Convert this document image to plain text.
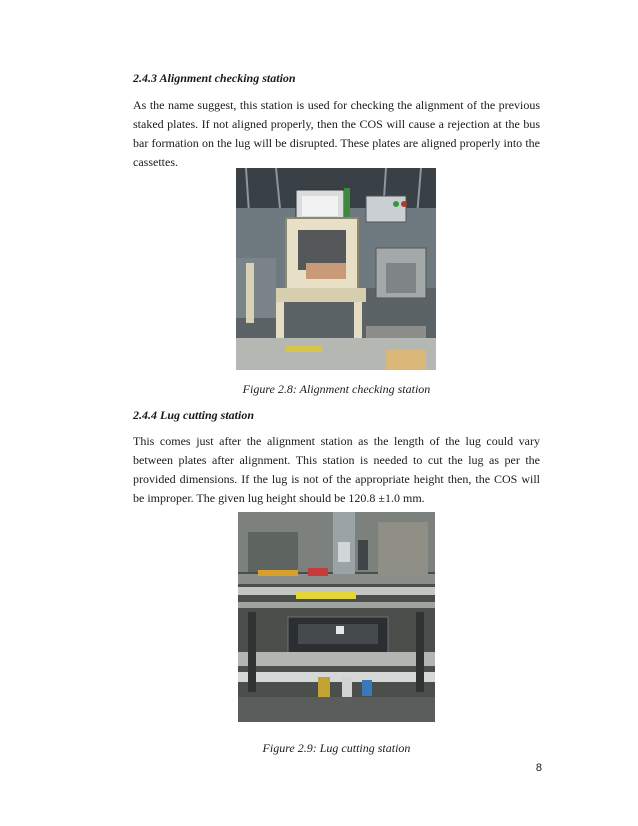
2.4.3 Alignment checking station

As the name suggest, this station is used for checking the alignment of the previous staked plates. If not aligned properly, then the COS will cause a rejection at the bus bar formation on the lug will be disrupted. These plates are aligned properly into the cassettes.

Figure 2.8: Alignment checking station

2.4.4 Lug cutting station

This comes just after the alignment station as the length of the lug could vary between plates after alignment. This station is needed to cut the lug as per the provided dimensions. If the lug is not of the appropriate height then, the COS will be improper. The given lug height should be 120.8 ±1.0 mm.

Figure 2.9: Lug cutting station

8
